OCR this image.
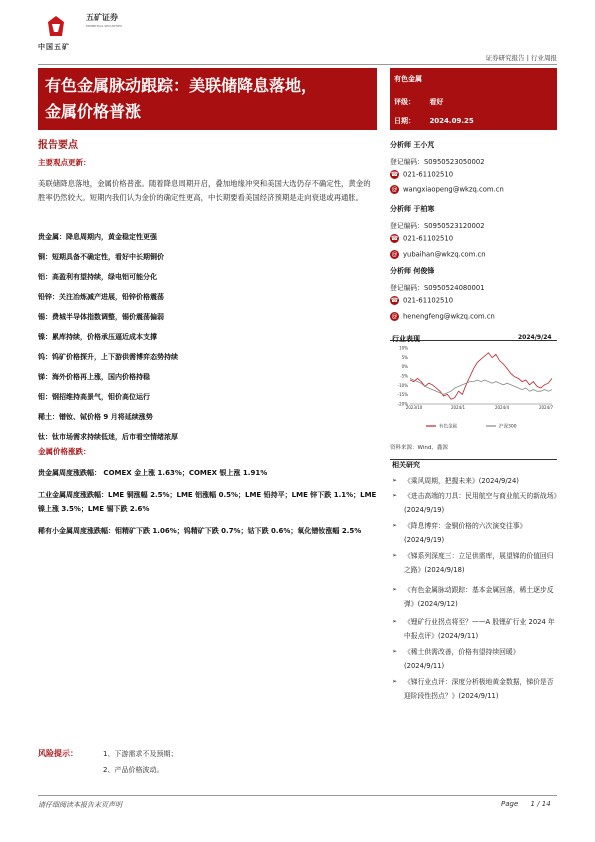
中国五矿
五矿证券
MINMETALS SECURITIES
证券研究报告 | 行业周报
有色金属脉动跟踪：美联储降息落地，
金属价格普涨
有色金属
评级： 看好
日期： 2024.09.25
报告要点
主要观点更新：
美联储降息落地，金属价格普涨。随着降息周期开启，叠加地缘冲突和美国大选仍存不确定性，黄金的胜率仍然较大。短期内我们认为金价的确定性更高，中长期要看美国经济预期是走向衰退或再通胀。
贵金属：降息周期内，黄金稳定性更强
铜：短期具备不确定性，看好中长期铜价
铝：高盈利有望持续，绿电铝可能分化
铅锌：关注冶炼减产进展，铅锌价格震荡
锡：费城半导体指数调整，锡价震荡偏弱
镍：累库持续，价格承压逼近成本支撑
钨：钨矿价格探升，上下游供需博弈态势持续
锑：海外价格再上涨，国内价格持稳
钼：钢招维持高景气，钼价高位运行
稀土：镨钕、铽价格 9 月将延续涨势
钛：钛市场需求持续低迷，后市看空情绪浓厚
金属价格涨跌：
贵金属周度涨跌幅： COMEX 金上涨 1.63%；COMEX 银上涨 1.91%
工业金属周度涨跌幅：LME 铜涨幅 2.5%；LME 铝涨幅 0.5%；LME 铅持平；LME 锌下跌 1.1%；LME 镍上涨 3.5%；LME 锡下跌 2.6%
稀有小金属周度涨跌幅：钼精矿下跌 1.06%；钨精矿下跌 0.7%；钴下跌 0.6%；氧化镨钕涨幅 2.5%
分析师 王小芃
登记编码：S0950523050002
☎ 021-61102510
@ wangxiaopeng@wkzq.com.cn
分析师 于柏寒
登记编码：S0950523120002
☎ 021-61102510
@ yubaihan@wkzq.com.cn
分析师 何俊锋
登记编码：S0950524080001
☎ 021-61102510
@ henengfeng@wkzq.com.cn
行业表现	2024/9/24
10%
5%
0%
-5%
-10%
-15%
-20%
2023/10	2024/1	2024/4	2024/7
有色金属	沪深300
资料来源：Wind，鑫源
相关研究
➢	《乘风周期，把握未来》(2024/9/24)
➢	《进击高端的刀具：民用航空与商业航天的新战场》(2024/9/19)
➢	《降息博弈：金铜价格的六次演变往事》(2024/9/19)
➢	《锑系列深度三：立足供需库，展望锑的价值回归之路》(2024/9/18)
➢	《有色金属脉动跟踪：基本金属回落，稀土逐步反弹》(2024/9/12)
➢	《锂矿行业拐点将至？——A 股锂矿行业 2024 年中报点评》(2024/9/11)
➢	《稀土供需改善，价格有望持续回暖》(2024/9/11)
➢	《锑行业点评：深度分析极地黄金数据，锑价是否迎阶段性拐点？》(2024/9/11)
风险提示：	1、下游需求不及预期；
2、产品价格波动。
请仔细阅读本报告末页声明	Page 1 / 14
